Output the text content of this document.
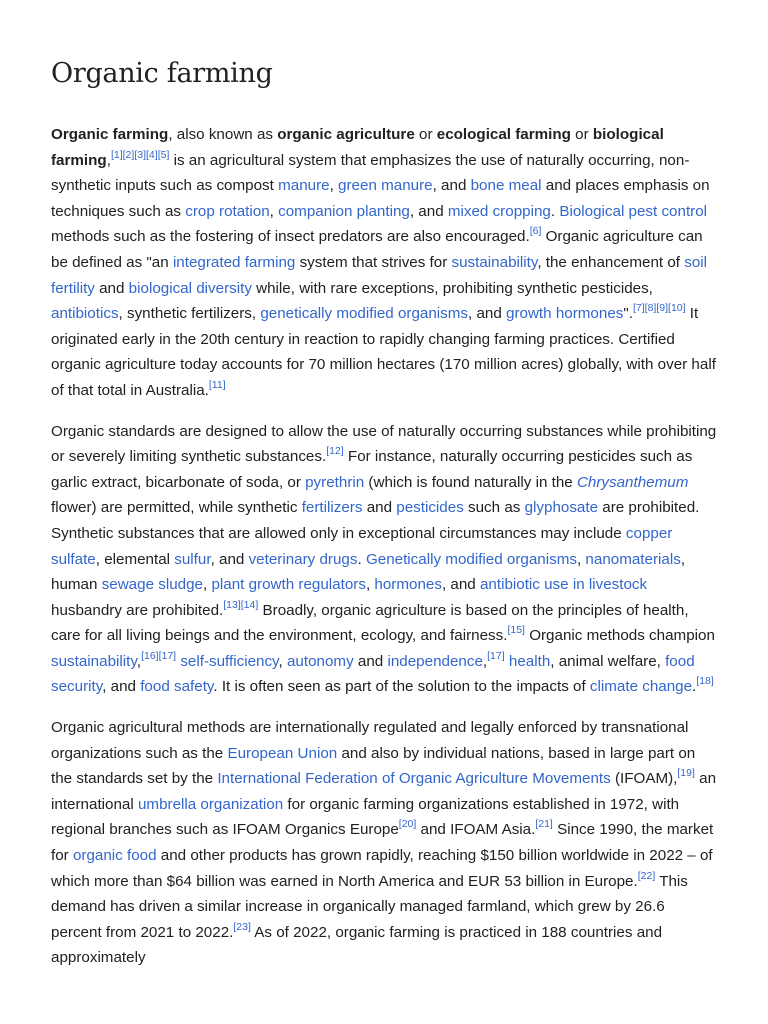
Organic farming

Organic farming, also known as organic agriculture or ecological farming or biological farming,[1][2][3][4][5] is an agricultural system that emphasizes the use of naturally occurring, non-synthetic inputs such as compost manure, green manure, and bone meal and places emphasis on techniques such as crop rotation, companion planting, and mixed cropping. Biological pest control methods such as the fostering of insect predators are also encouraged.[6] Organic agriculture can be defined as "an integrated farming system that strives for sustainability, the enhancement of soil fertility and biological diversity while, with rare exceptions, prohibiting synthetic pesticides, antibiotics, synthetic fertilizers, genetically modified organisms, and growth hormones".[7][8][9][10] It originated early in the 20th century in reaction to rapidly changing farming practices. Certified organic agriculture today accounts for 70 million hectares (170 million acres) globally, with over half of that total in Australia.[11]

Organic standards are designed to allow the use of naturally occurring substances while prohibiting or severely limiting synthetic substances.[12] For instance, naturally occurring pesticides such as garlic extract, bicarbonate of soda, or pyrethrin (which is found naturally in the Chrysanthemum flower) are permitted, while synthetic fertilizers and pesticides such as glyphosate are prohibited. Synthetic substances that are allowed only in exceptional circumstances may include copper sulfate, elemental sulfur, and veterinary drugs. Genetically modified organisms, nanomaterials, human sewage sludge, plant growth regulators, hormones, and antibiotic use in livestock husbandry are prohibited.[13][14] Broadly, organic agriculture is based on the principles of health, care for all living beings and the environment, ecology, and fairness.[15] Organic methods champion sustainability,[16][17] self-sufficiency, autonomy and independence,[17] health, animal welfare, food security, and food safety. It is often seen as part of the solution to the impacts of climate change.[18]

Organic agricultural methods are internationally regulated and legally enforced by transnational organizations such as the European Union and also by individual nations, based in large part on the standards set by the International Federation of Organic Agriculture Movements (IFOAM),[19] an international umbrella organization for organic farming organizations established in 1972, with regional branches such as IFOAM Organics Europe[20] and IFOAM Asia.[21] Since 1990, the market for organic food and other products has grown rapidly, reaching $150 billion worldwide in 2022 – of which more than $64 billion was earned in North America and EUR 53 billion in Europe.[22] This demand has driven a similar increase in organically managed farmland, which grew by 26.6 percent from 2021 to 2022.[23] As of 2022, organic farming is practiced in 188 countries and approximately
